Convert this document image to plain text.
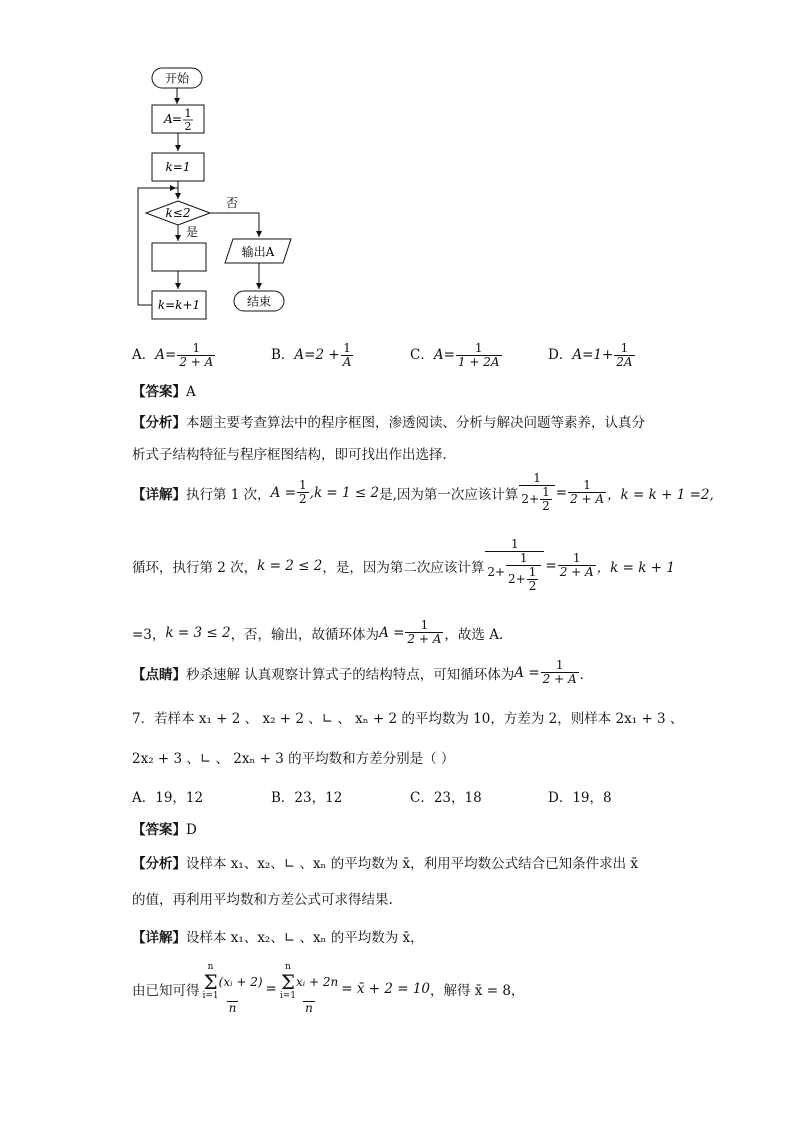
开始
A = 1
2
k=1
k≤2
否
是
k=k+1
输出A
结束
A．$A= \frac{1}{2 + A}$	B．$A=2 + \frac{1}{A}$	C．$A= \frac{1}{1 + 2A}$	D．$A=1+ \frac{1}{2A}$
【答案】A
【分析】本题主要考查算法中的程序框图，渗透阅读、分析与解决问题等素养，认真分
析式子结构特征与程序框图结构，即可找出作出选择．
【详解】 执行第 1 次， $A = \frac{1}{2} ,k = 1 \le 2$ 是,因为第一次应该计算 $\frac{1}{2+ \frac{1}{2}} = \frac{1}{2 + A}$ ，k = k + 1 =2,
循环，执行第 2 次， k = 2 ≤ 2 ，是，因为第二次应该计算 $\frac{1}{2+ \frac{1}{2+ \frac{1}{2}}} = \frac{1}{2 + A}$ ，k = k + 1
=3， k = 3 ≤ 2 ，否，输出，故循环体为 $A = \frac{1}{2 + A}$ ，故选 A．
【点睛】 秒杀速解 认真观察计算式子的结构特点，可知循环体为 $A = \frac{1}{2 + A}$ ．
7．若样本 x₁ + 2 、 x₂ + 2 、∟ 、 xₙ + 2 的平均数为 10，方差为 2，则样本 2x₁ + 3 、
2x₂ + 3 、∟ 、 2xₙ + 3 的平均数和方差分别是（ ）
A．19，12	B．23，12	C．23，18	D．19，8
【答案】D
【分析】设样本 x₁、x₂、∟ 、xₙ 的平均数为 x̄，利用平均数公式结合已知条件求出 x̄
的值，再利用平均数和方差公式可求得结果.
【详解】设样本 x₁、x₂、∟ 、xₙ 的平均数为 x̄，
由已知可得 n
Σ
i=1
(xᵢ + 2)
n = n
Σ
i=1
xᵢ + 2n
n = x̄ + 2 = 10 ，解得 x̄ = 8，
